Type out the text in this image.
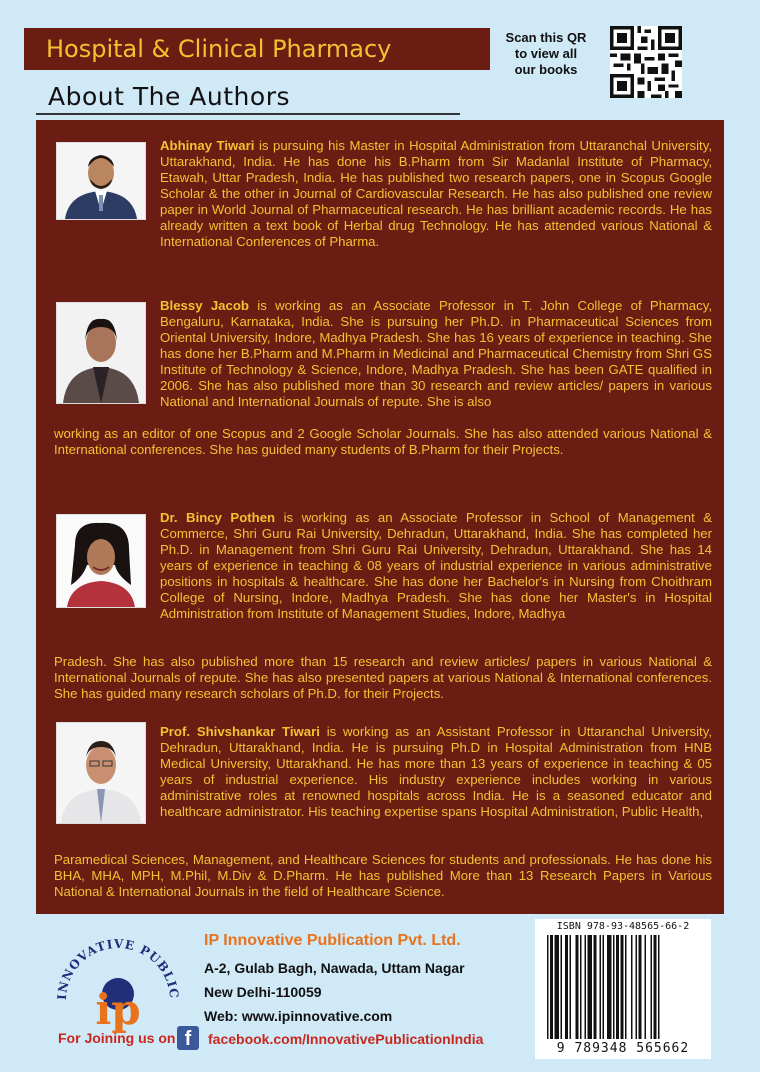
Hospital & Clinical Pharmacy	Scan this QR
to view all
our books
About The Authors
Abhinay Tiwari is pursuing his Master in Hospital Administration from Uttaranchal University, Uttarakhand, India. He has done his B.Pharm from Sir Madanlal Institute of Pharmacy, Etawah, Uttar Pradesh, India. He has published two research papers, one in Scopus Google Scholar & the other in Journal of Cardiovascular Research. He has also published one review paper in World Journal of Pharmaceutical research. He has brilliant academic records. He has already written a text book of Herbal drug Technology. He has attended various National & International Conferences of Pharma.
Blessy Jacob is working as an Associate Professor in T. John College of Pharmacy, Bengaluru, Karnataka, India. She is pursuing her Ph.D. in Pharmaceutical Sciences from Oriental University, Indore, Madhya Pradesh. She has 16 years of experience in teaching. She has done her B.Pharm and M.Pharm in Medicinal and Pharmaceutical Chemistry from Shri GS Institute of Technology & Science, Indore, Madhya Pradesh. She has been GATE qualified in 2006. She has also published more than 30 research and review articles/ papers in various National and International Journals of repute. She is also
working as an editor of one Scopus and 2 Google Scholar Journals. She has also attended various National & International conferences. She has guided many students of B.Pharm for their Projects.
Dr. Bincy Pothen is working as an Associate Professor in School of Management & Commerce, Shri Guru Rai University, Dehradun, Uttarakhand, India. She has completed her Ph.D. in Management from Shri Guru Rai University, Dehradun, Uttarakhand. She has 14 years of experience in teaching & 08 years of industrial experience in various administrative positions in hospitals & healthcare. She has done her Bachelor's in Nursing from Choithram College of Nursing, Indore, Madhya Pradesh. She has done her Master's in Hospital Administration from Institute of Management Studies, Indore, Madhya
Pradesh. She has also published more than 15 research and review articles/ papers in various National & International Journals of repute. She has also presented papers at various National & International conferences. She has guided many research scholars of Ph.D. for their Projects.
Prof. Shivshankar Tiwari is working as an Assistant Professor in Uttaranchal University, Dehradun, Uttarakhand, India. He is pursuing Ph.D in Hospital Administration from HNB Medical University, Uttarakhand. He has more than 13 years of experience in teaching & 05 years of industrial experience. His industry experience includes working in various administrative roles at renowned hospitals across India. He is a seasoned educator and healthcare administrator. His teaching expertise spans Hospital Administration, Public Health,
Paramedical Sciences, Management, and Healthcare Sciences for students and professionals. He has done his BHA, MHA, MPH, M.Phil, M.Div & D.Pharm. He has published More than 13 Research Papers in Various National & International Journals in the field of Healthcare Science.
INNOVATIVE PUBLIC
ip
IP Innovative Publication Pvt. Ltd.
A-2, Gulab Bagh, Nawada, Uttam Nagar
New Delhi-110059
Web: www.ipinnovative.com
For Joining us on f	facebook.com/InnovativePublicationIndia
ISBN 978-93-48565-66-2
9 789348 565662
